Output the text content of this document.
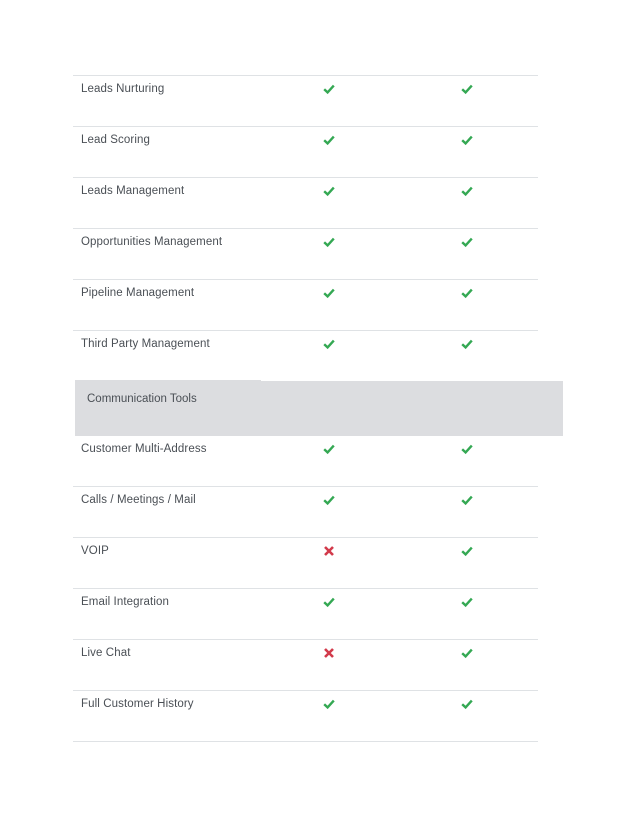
Leads Nurturing
Lead Scoring
Leads Management
Opportunities Management
Pipeline Management
Third Party Management
Communication Tools
Customer Multi-Address
Calls / Meetings / Mail
VOIP
Email Integration
Live Chat
Full Customer History
